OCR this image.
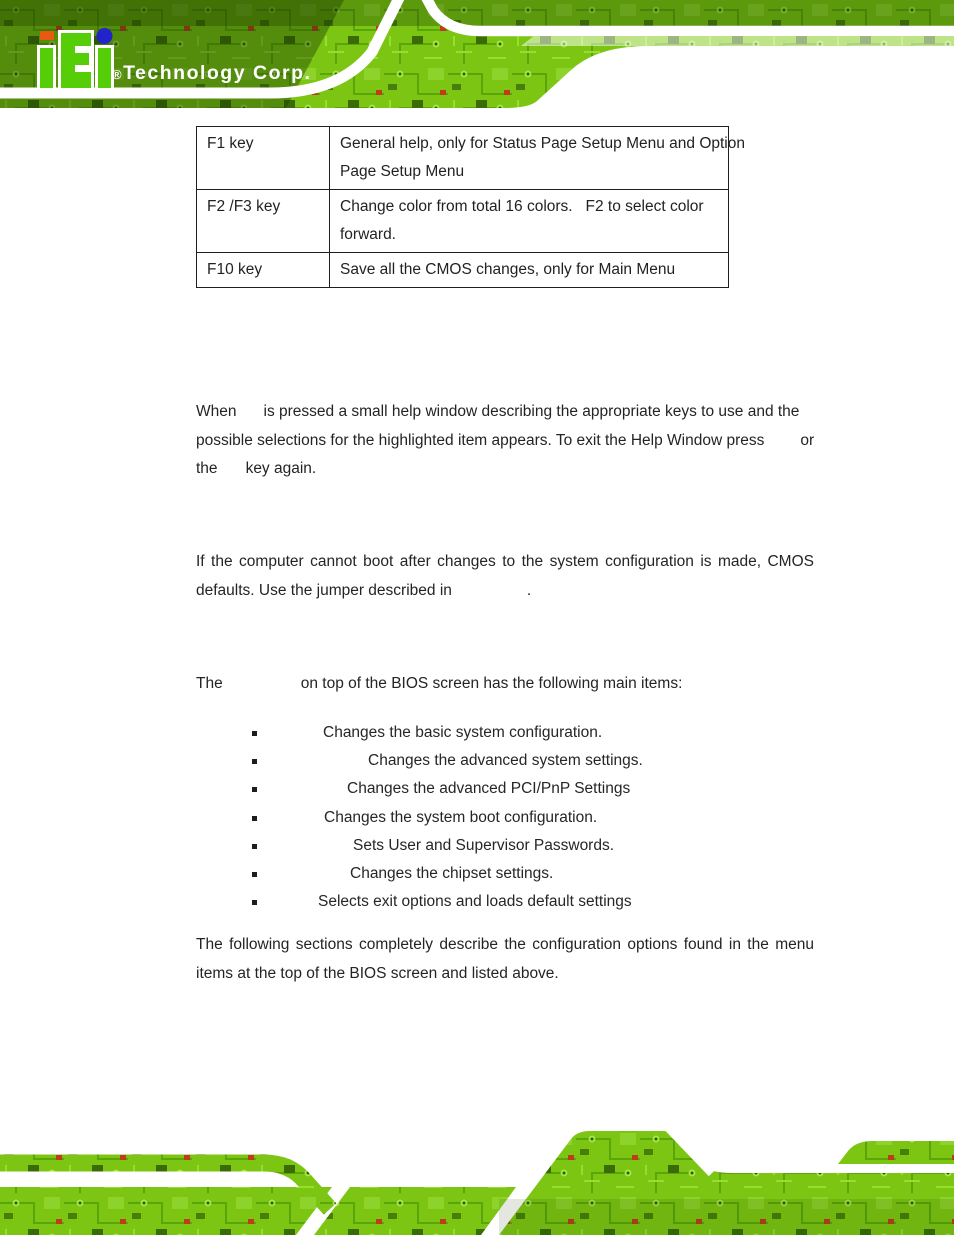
®Technology Corp.
F1 key	General help, only for Status Page Setup Menu and Option
Page Setup Menu

F2 /F3 key	Change color from total 16 colors.   F2 to select color
forward.

F10 key	Save all the CMOS changes, only for Main Menu
When is pressed a small help window describing the appropriate keys to use and the
possible selections for the highlighted item appears. To exit the Help Window press or
the key again.
If the computer cannot boot after changes to the system configuration is made, CMOS
defaults. Use the jumper described in	.
The	on top of the BIOS screen has the following main items:
Changes the basic system configuration.
Changes the advanced system settings.
Changes the advanced PCI/PnP Settings
Changes the system boot configuration.
Sets User and Supervisor Passwords.
Changes the chipset settings.
Selects exit options and loads default settings
The following sections completely describe the configuration options found in the menu
items at the top of the BIOS screen and listed above.
